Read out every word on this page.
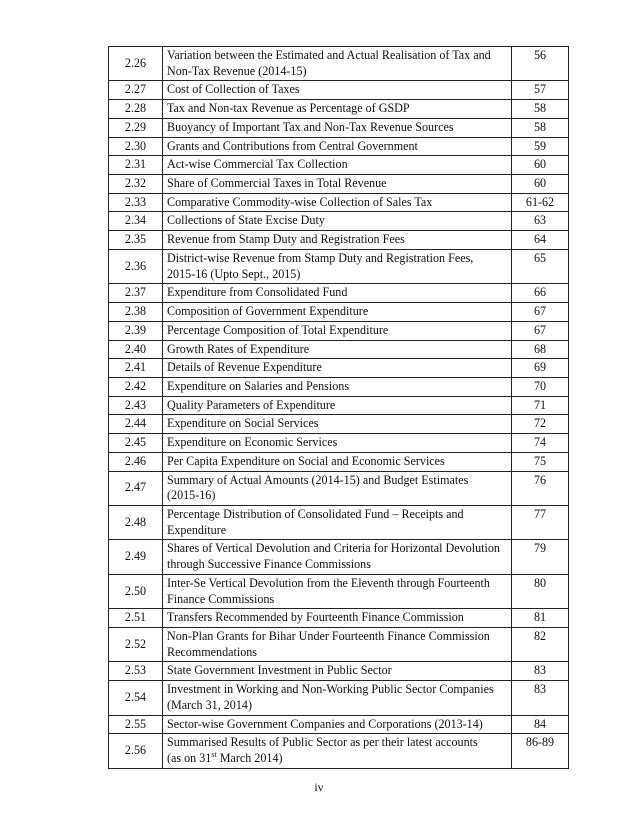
2.26	Variation between the Estimated and Actual Realisation of Tax and
Non-Tax Revenue (2014-15)	56
2.27	Cost of Collection of Taxes	57
2.28	Tax and Non-tax Revenue as Percentage of GSDP	58
2.29	Buoyancy of Important Tax and Non-Tax Revenue Sources	58
2.30	Grants and Contributions from Central Government	59
2.31	Act-wise Commercial Tax Collection	60
2.32	Share of Commercial Taxes in Total Revenue	60
2.33	Comparative Commodity-wise Collection of Sales Tax	61-62
2.34	Collections of State Excise Duty	63
2.35	Revenue from Stamp Duty and Registration Fees	64
2.36	District-wise Revenue from Stamp Duty and Registration Fees,
2015-16 (Upto Sept., 2015)	65
2.37	Expenditure from Consolidated Fund	66
2.38	Composition of Government Expenditure	67
2.39	Percentage Composition of Total Expenditure	67
2.40	Growth Rates of Expenditure	68
2.41	Details of Revenue Expenditure	69
2.42	Expenditure on Salaries and Pensions	70
2.43	Quality Parameters of Expenditure	71
2.44	Expenditure on Social Services	72
2.45	Expenditure on Economic Services	74
2.46	Per Capita Expenditure on Social and Economic Services	75
2.47	Summary of Actual Amounts (2014-15) and Budget Estimates
(2015-16)	76
2.48	Percentage Distribution of Consolidated Fund – Receipts and
Expenditure	77
2.49	Shares of Vertical Devolution and Criteria for Horizontal Devolution
through Successive Finance Commissions	79
2.50	Inter-Se Vertical Devolution from the Eleventh through Fourteenth
Finance Commissions	80
2.51	Transfers Recommended by Fourteenth Finance Commission	81
2.52	Non-Plan Grants for Bihar Under Fourteenth Finance Commission
Recommendations	82
2.53	State Government Investment in Public Sector	83
2.54	Investment in Working and Non-Working Public Sector Companies
(March 31, 2014)	83
2.55	Sector-wise Government Companies and Corporations (2013-14)	84
2.56	Summarised Results of Public Sector as per their latest accounts
(as on 31st March 2014)	86-89
iv
